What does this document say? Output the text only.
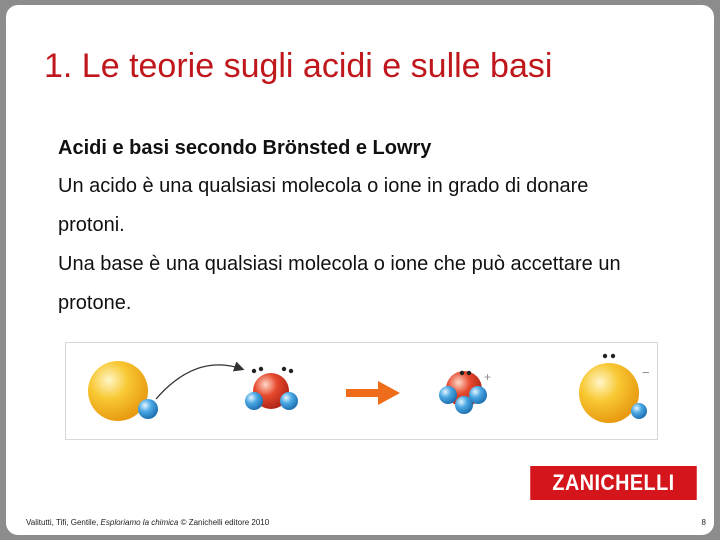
1. Le teorie sugli acidi e sulle basi
Acidi e basi secondo Brönsted e Lowry
Un acido è una qualsiasi molecola o ione in grado di donare protoni.
Una base è una qualsiasi molecola o ione che può accettare un protone.
+	−
ZANICHELLI
Valitutti, Tifi, Gentile, Esploriamo la chimica © Zanichelli editore 2010	8
